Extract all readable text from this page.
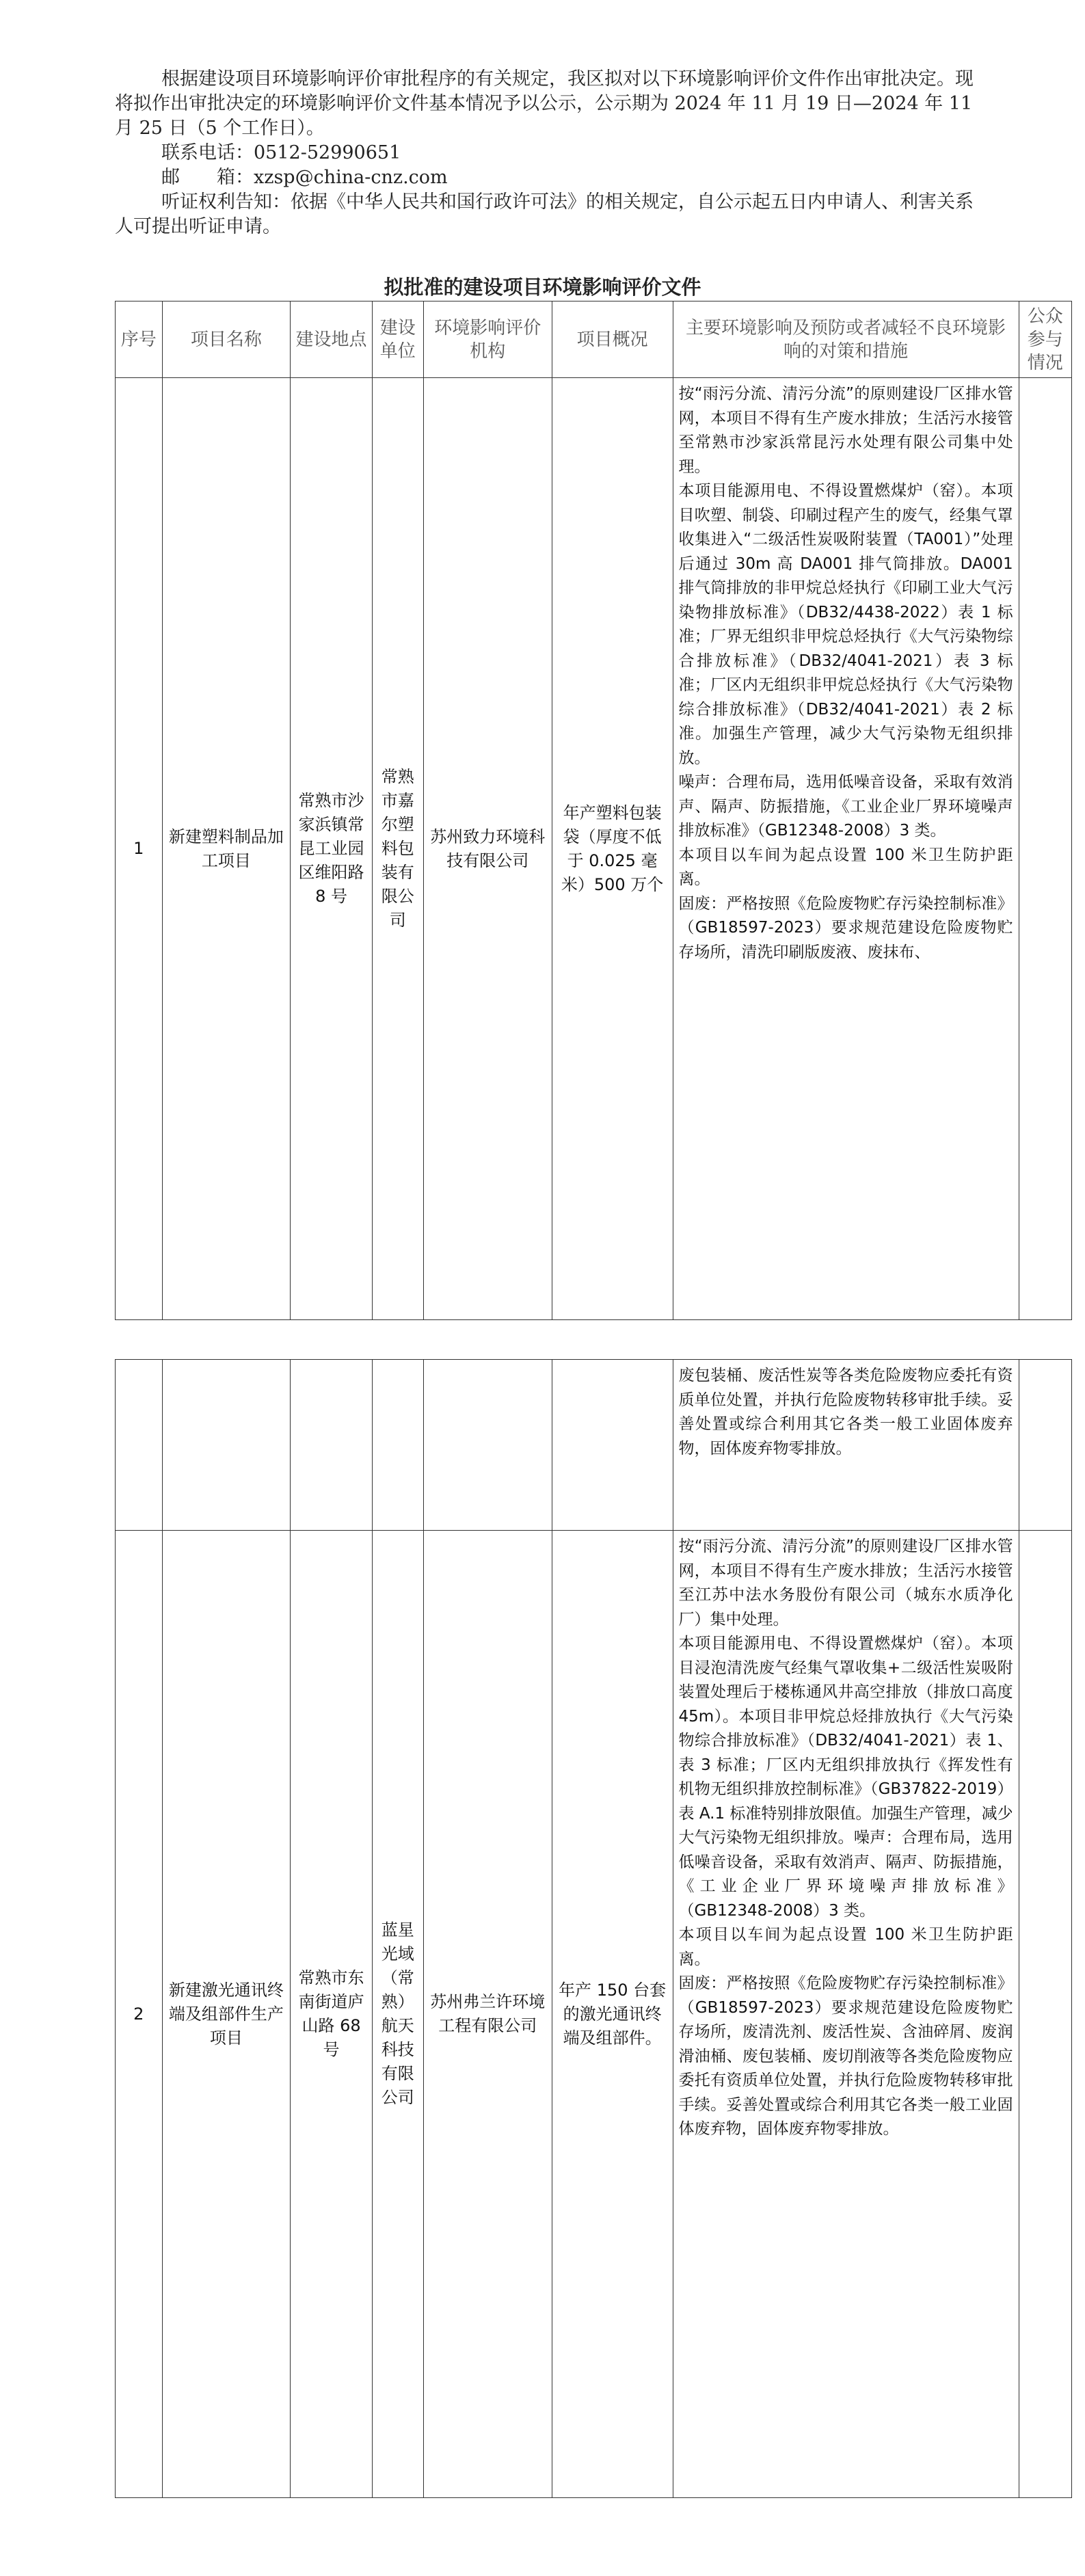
根据建设项目环境影响评价审批程序的有关规定，我区拟对以下环境影响评价文件作出审批决定。现将拟作出审批决定的环境影响评价文件基本情况予以公示，公示期为 2024 年 11 月 19 日—2024 年 11 月 25 日（5 个工作日）。

联系电话：0512-52990651

邮　　箱：xzsp@china-cnz.com

听证权利告知：依据《中华人民共和国行政许可法》的相关规定，自公示起五日内申请人、利害关系人可提出听证申请。

拟批准的建设项目环境影响评价文件
序号	项目名称	建设地点	建设单位	环境影响评价机构	项目概况	主要环境影响及预防或者减轻不良环境影响的对策和措施	公众参与情况
1	新建塑料制品加工项目	常熟市沙家浜镇常昆工业园区维阳路 8 号	常熟市嘉尔塑料包装有限公司	苏州致力环境科技有限公司	年产塑料包装袋（厚度不低于 0.025 毫米）500 万个	按“雨污分流、清污分流”的原则建设厂区排水管网，本项目不得有生产废水排放；生活污水接管至常熟市沙家浜常昆污水处理有限公司集中处理。
本项目能源用电、不得设置燃煤炉（窑）。本项目吹塑、制袋、印刷过程产生的废气，经集气罩收集进入“二级活性炭吸附装置（TA001）”处理后通过 30m 高 DA001 排气筒排放。DA001 排气筒排放的非甲烷总烃执行《印刷工业大气污染物排放标准》（DB32/4438-2022）表 1 标准；厂界无组织非甲烷总烃执行《大气污染物综合排放标准》（DB32/4041-2021）表 3 标准；厂区内无组织非甲烷总烃执行《大气污染物综合排放标准》（DB32/4041-2021）表 2 标准。加强生产管理，减少大气污染物无组织排放。
噪声：合理布局，选用低噪音设备，采取有效消声、隔声、防振措施，《工业企业厂界环境噪声排放标准》（GB12348-2008）3 类。
本项目以车间为起点设置 100 米卫生防护距离。
固废：严格按照《危险废物贮存污染控制标准》（GB18597-2023）要求规范建设危险废物贮存场所，清洗印刷版废液、废抹布、	

						废包装桶、废活性炭等各类危险废物应委托有资质单位处置，并执行危险废物转移审批手续。妥善处置或综合利用其它各类一般工业固体废弃物，固体废弃物零排放。	

2	新建激光通讯终端及组部件生产项目	常熟市东南街道庐山路 68 号	蓝星光域（常熟）航天科技有限公司	苏州弗兰许环境工程有限公司	年产 150 台套的激光通讯终端及组部件。	按“雨污分流、清污分流”的原则建设厂区排水管网，本项目不得有生产废水排放；生活污水接管至江苏中法水务股份有限公司（城东水质净化厂）集中处理。
本项目能源用电、不得设置燃煤炉（窑）。本项目浸泡清洗废气经集气罩收集+二级活性炭吸附装置处理后于楼栋通风井高空排放（排放口高度 45m）。本项目非甲烷总烃排放执行《大气污染物综合排放标准》（DB32/4041-2021）表 1、表 3 标准；厂区内无组织排放执行《挥发性有机物无组织排放控制标准》（GB37822-2019）表 A.1 标准特别排放限值。加强生产管理，减少大气污染物无组织排放。噪声：合理布局，选用低噪音设备，采取有效消声、隔声、防振措施，《工业企业厂界环境噪声排放标准》（GB12348-2008）3 类。
本项目以车间为起点设置 100 米卫生防护距离。
固废：严格按照《危险废物贮存污染控制标准》（GB18597-2023）要求规范建设危险废物贮存场所，废清洗剂、废活性炭、含油碎屑、废润滑油桶、废包装桶、废切削液等各类危险废物应委托有资质单位处置，并执行危险废物转移审批手续。妥善处置或综合利用其它各类一般工业固体废弃物，固体废弃物零排放。	
